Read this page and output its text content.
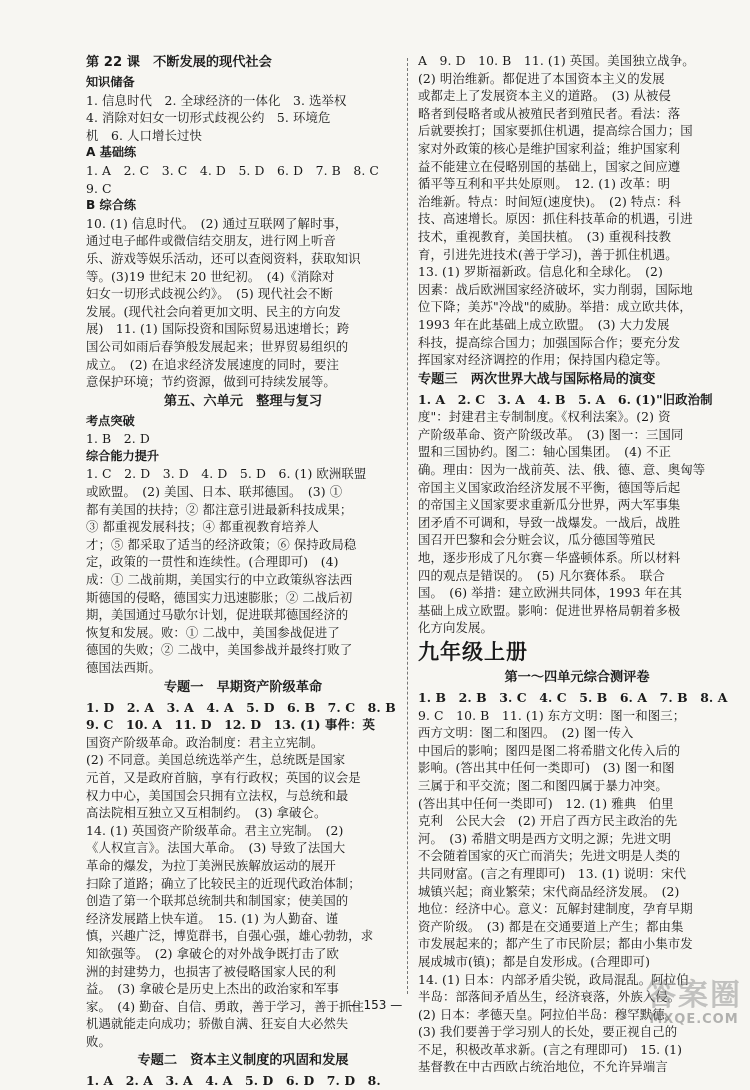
第 22 课　不断发展的现代社会
知识储备
1. 信息时代　2. 全球经济的一体化　3. 选举权
4. 消除对妇女一切形式歧视公约　5. 环境危
机　6. 人口增长过快
A 基础练
1. A　2. C　3. C　4. D　5. D　6. D　7. B　8. C
9. C
B 综合练
10. (1) 信息时代。　(2) 通过互联网了解时事，
通过电子邮件或微信结交朋友，进行网上听音
乐、游戏等娱乐活动，还可以查阅资料，获取知识
等。(3)19 世纪末 20 世纪初。　(4)《消除对
妇女一切形式歧视公约》。　(5) 现代社会不断
发展。(现代社会向着更加文明、民主的方向发
展)　11. (1) 国际投资和国际贸易迅速增长；跨
国公司如雨后春笋般发展起来；世界贸易组织的
成立。　(2) 在追求经济发展速度的同时，要注
意保护环境；节约资源，做到可持续发展等。
第五、六单元　整理与复习
考点突破
1. B　2. D
综合能力提升
1. C　2. D　3. D　4. D　5. D　6. (1) 欧洲联盟
或欧盟。　(2) 美国、日本、联邦德国。　(3) ①
都有美国的扶持；② 都注意引进最新科技成果；
③ 都重视发展科技；④ 都重视教育培养人
才；⑤ 都采取了适当的经济政策；⑥ 保持政局稳
定，政策的一贯性和连续性。(合理即可)　(4)
成：① 二战前期，美国实行的中立政策纵容法西
斯德国的侵略，德国实力迅速膨胀；② 二战后初
期，美国通过马歇尔计划，促进联邦德国经济的
恢复和发展。败：① 二战中，美国参战促进了
德国的失败；② 二战中，美国参战并最终打败了
德国法西斯。
专题一　早期资产阶级革命
1. D　2. A　3. A　4. A　5. D　6. B　7. C　8. B
9. C　10. A　11. D　12. D　13. (1) 事件：英
国资产阶级革命。政治制度：君主立宪制。
(2) 不同意。美国总统选举产生，总统既是国家
元首，又是政府首脑，享有行政权；英国的议会是
权力中心，美国国会只拥有立法权，与总统和最
高法院相互独立又互相制约。　(3) 拿破仑。
14. (1) 英国资产阶级革命。君主立宪制。　(2)
《人权宣言》。法国大革命。　(3) 导致了法国大
革命的爆发，为拉丁美洲民族解放运动的展开
扫除了道路；确立了比较民主的近现代政治体制；
创造了第一个联邦总统制共和制国家；使美国的
经济发展踏上快车道。　15. (1) 为人勤奋、谨
慎，兴趣广泛，博览群书，自强心强，雄心勃勃，求
知欲强等。　(2) 拿破仑的对外战争既打击了欧
洲的封建势力，也损害了被侵略国家人民的利
益。　(3) 拿破仑是历史上杰出的政治家和军事
家。　(4) 勤奋、自信、勇敢，善于学习，善于抓住
机遇就能走向成功；骄傲自满、狂妄自大必然失
败。
专题二　资本主义制度的巩固和发展
1. A　2. A　3. A　4. A　5. D　6. D　7. D　8.
A　9. D　10. B　11. (1) 英国。美国独立战争。
(2) 明治维新。都促进了本国资本主义的发展
或都走上了发展资本主义的道路。　(3) 从被侵
略者到侵略者或从被殖民者到殖民者。看法：落
后就要挨打；国家要抓住机遇，提高综合国力；国
家对外政策的核心是维护国家利益；维护国家利
益不能建立在侵略别国的基础上，国家之间应遵
循平等互利和平共处原则。　12. (1) 改革：明
治维新。特点：时间短(速度快)。　(2) 特点：科
技、高速增长。原因：抓住科技革命的机遇，引进
技术，重视教育，美国扶植。　(3) 重视科技教
育，引进先进技术(善于学习)，善于抓住机遇。
13. (1) 罗斯福新政。信息化和全球化。　(2)
因素：战后欧洲国家经济破坏，实力削弱，国际地
位下降；美苏"冷战"的威胁。举措：成立欧共体，
1993 年在此基础上成立欧盟。　(3) 大力发展
科技，提高综合国力；加强国际合作；要充分发
挥国家对经济调控的作用；保持国内稳定等。
专题三　两次世界大战与国际格局的演变
1. A　2. C　3. A　4. B　5. A　6. (1)"旧政治制
度"：封建君主专制制度。《权利法案》。(2) 资
产阶级革命、资产阶级改革。　(3) 图一：三国同
盟和三国协约。图二：轴心国集团。　(4) 不正
确。理由：因为一战前英、法、俄、德、意、奥匈等
帝国主义国家政治经济发展不平衡，德国等后起
的帝国主义国家要求重新瓜分世界，两大军事集
团矛盾不可调和，导致一战爆发。一战后，战胜
国召开巴黎和会分赃会议，瓜分德国等殖民
地，逐步形成了凡尔赛－华盛顿体系。所以材料
四的观点是错误的。　(5) 凡尔赛体系。　联合
国。　(6) 举措：建立欧洲共同体，1993 年在其
基础上成立欧盟。影响：促进世界格局朝着多极
化方向发展。
九年级上册
第一～四单元综合测评卷
1. B　2. B　3. C　4. C　5. B　6. A　7. B　8. A
9. C　10. B　11. (1) 东方文明：图一和图三；
西方文明：图二和图四。　(2) 图一传入
中国后的影响；图四是图二将希腊文化传入后的
影响。(答出其中任何一类即可)　(3) 图一和图
三属于和平交流；图二和图四属于暴力冲突。
(答出其中任何一类即可)　12. (1) 雅典　伯里
克利　公民大会　(2) 开启了西方民主政治的先
河。　(3) 希腊文明是西方文明之源；先进文明
不会随着国家的灭亡而消失；先进文明是人类的
共同财富。(言之有理即可)　13. (1) 说明：宋代
城镇兴起；商业繁荣；宋代商品经济发展。　(2)
地位：经济中心。意义：瓦解封建制度，孕育早期
资产阶级。　(3) 都是在交通要道上产生；都由集
市发展起来的；都产生了市民阶层；都由小集市发
展成城市(镇)；都是自发形成。(合理即可)
14. (1) 日本：内部矛盾尖锐，政局混乱。阿拉伯
半岛：部落间矛盾丛生，经济衰落，外族入侵。
(2) 日本：孝德天皇。阿拉伯半岛：穆罕默德。
(3) 我们要善于学习别人的长处，要正视自己的
不足，积极改革求新。(言之有理即可)　15. (1)
基督教在中古西欧占统治地位，不允许异端言
— 153 —	答案圈
MXQE.COM
